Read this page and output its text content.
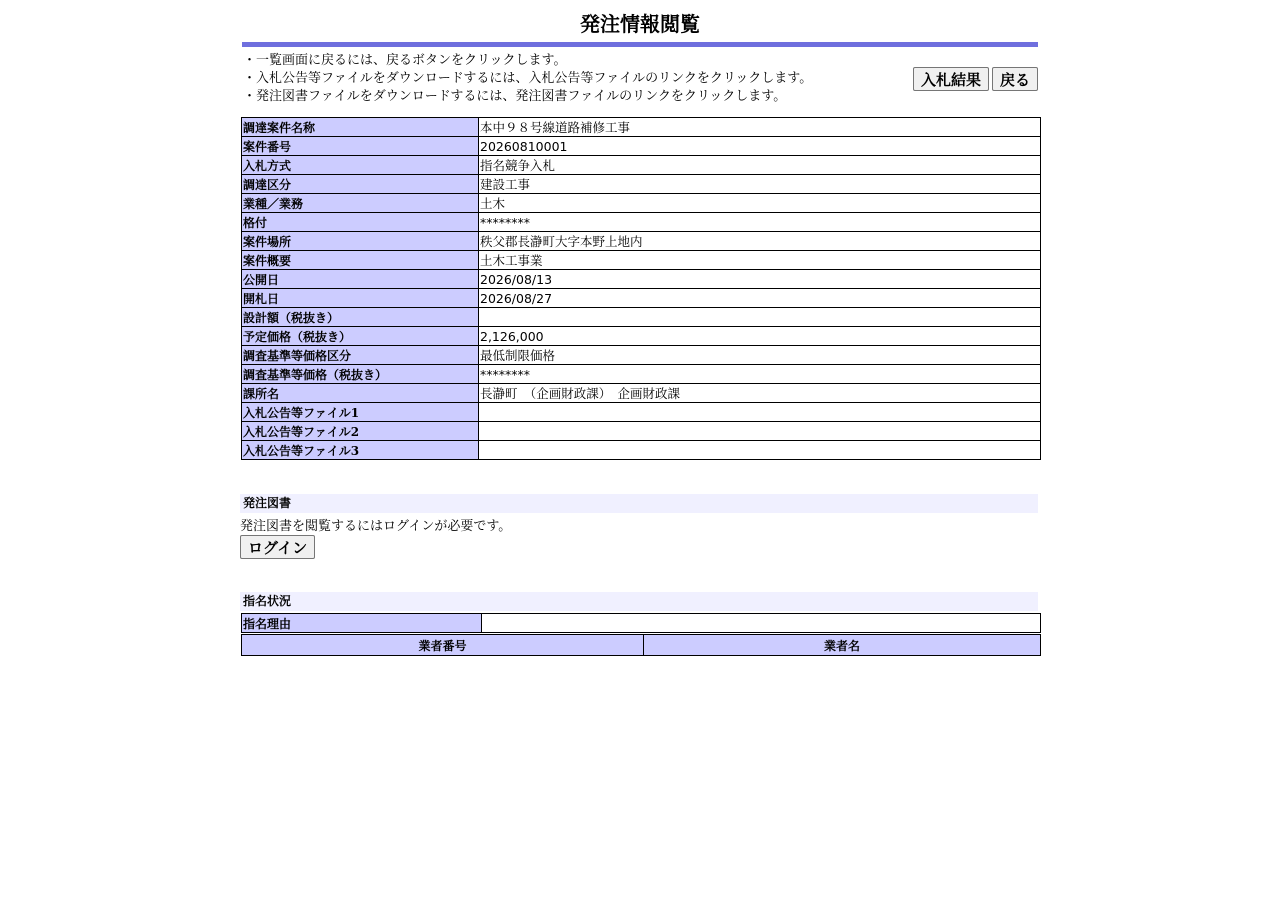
発注情報閲覧
・一覧画面に戻るには、戻るボタンをクリックします。
・入札公告等ファイルをダウンロードするには、入札公告等ファイルのリンクをクリックします。
・発注図書ファイルをダウンロードするには、発注図書ファイルのリンクをクリックします。
入札結果	戻る
調達案件名称	本中９８号線道路補修工事
案件番号	20260810001
入札方式	指名競争入札
調達区分	建設工事
業種／業務	土木
格付	********
案件場所	秩父郡長瀞町大字本野上地内
案件概要	土木工事業
公開日	2026/08/13
開札日	2026/08/27
設計額（税抜き）	
予定価格（税抜き）	2,126,000
調査基準等価格区分	最低制限価格
調査基準等価格（税抜き）	********
課所名	長瀞町　（企画財政課）　企画財政課
入札公告等ファイル1	
入札公告等ファイル2	
入札公告等ファイル3	
発注図書
発注図書を閲覧するにはログインが必要です。
ログイン
指名状況
指名理由	
業者番号	業者名
